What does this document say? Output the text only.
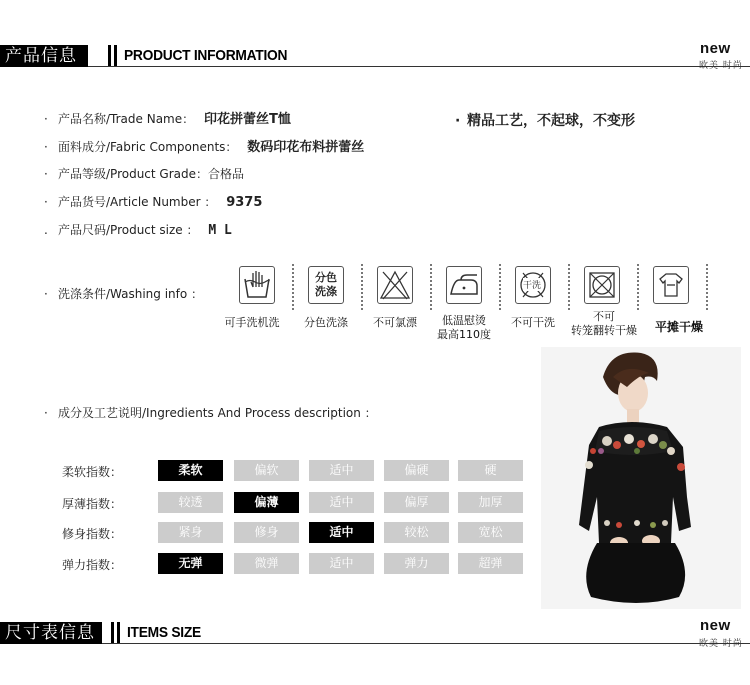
产品信息	PRODUCT INFORMATION	new
欧美 时尚
· 产品名称/Trade Name： 印花拼蕾丝T恤
· 面料成分/Fabric Components： 数码印花布料拼蕾丝
· 产品等级/Product Grade：合格品
· 产品货号/Article Number ： 9375
. 产品尺码/Product size ： M L
· 精品工艺，不起球，不变形
· 洗涤条件/Washing info ：
分色
洗涤	干洗
可手洗机洗	分色洗涤	不可氯漂	低温慰烫
最高110度
不可干洗	不可
转笼翻转干燥	平摊干燥
· 成分及工艺说明/Ingredients And Process description ：
柔软指数：	柔软	偏软	适中	偏硬	硬
厚薄指数：	较透	偏薄	适中	偏厚	加厚
修身指数：	紧身	修身	适中	较松	宽松
弹力指数：	无弹	微弹	适中	弹力	超弹
尺寸表信息	ITEMS SIZE	new
欧美 时尚
